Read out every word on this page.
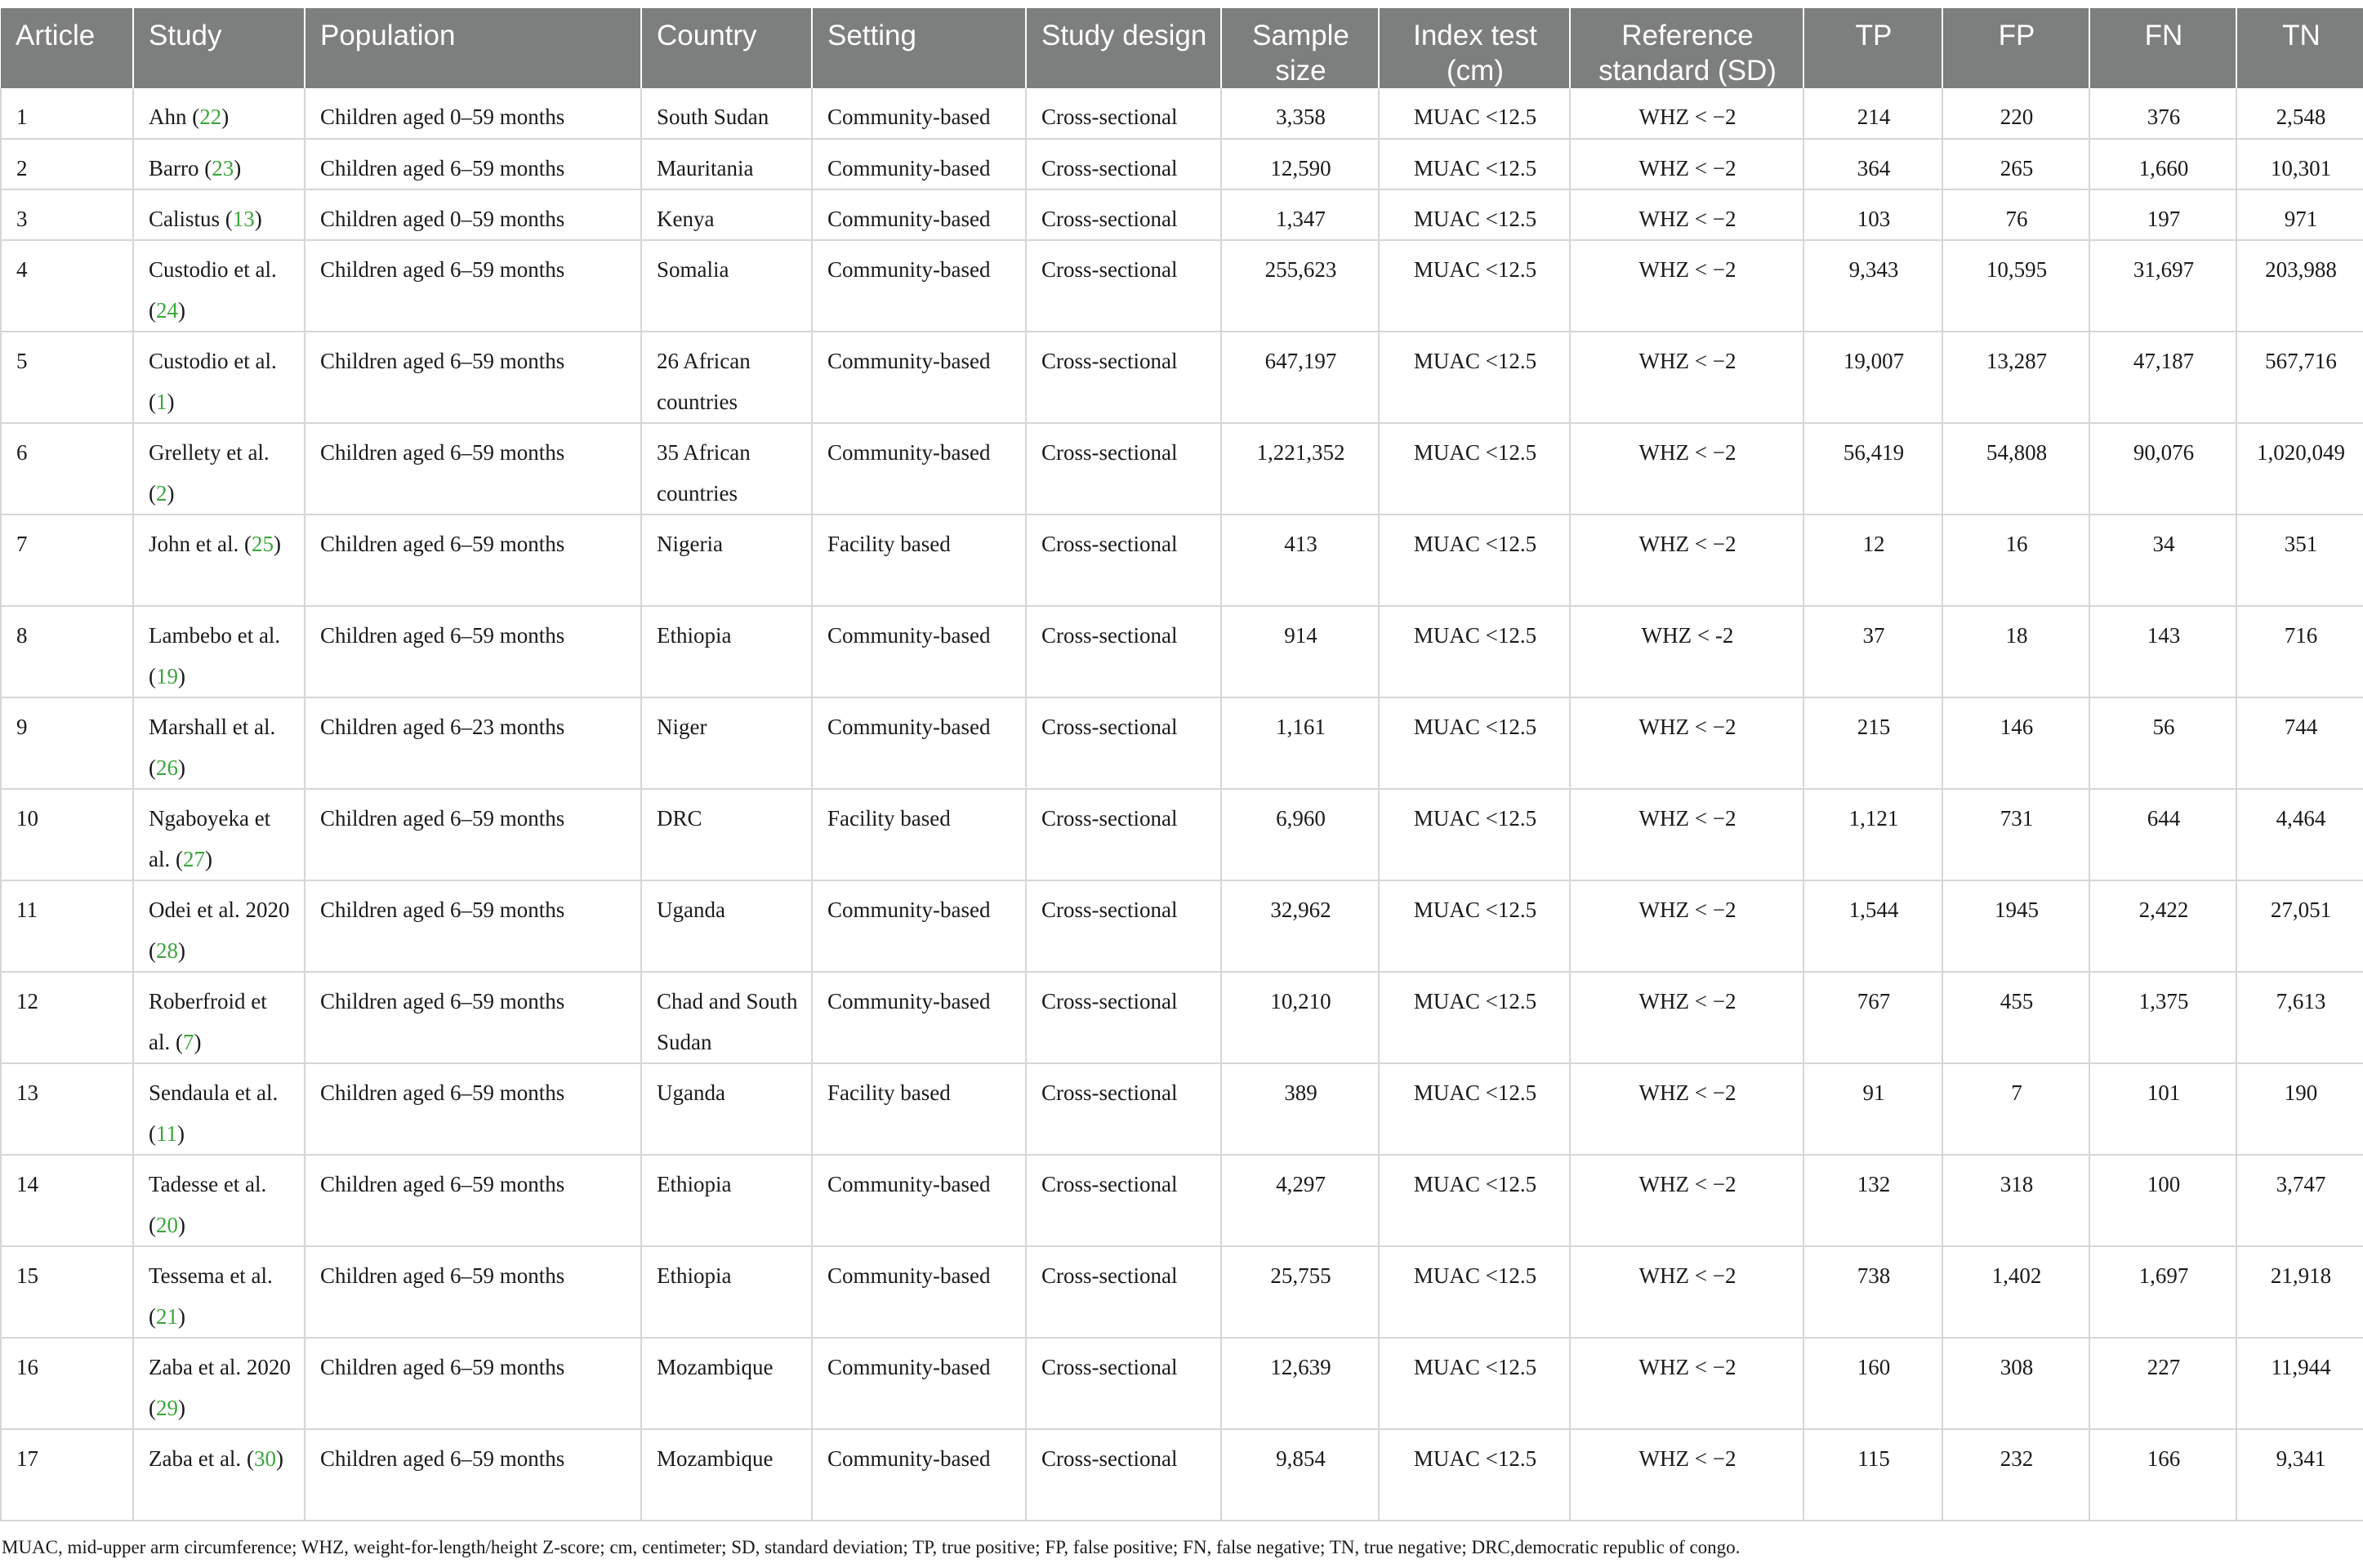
Article	Study	Population	Country	Setting	Study design	Sample size	Index test (cm)	Reference standard (SD)	TP	FP	FN	TN
1	Ahn (22)	Children aged 0–59 months	South Sudan	Community-based	Cross-sectional	3,358	MUAC <12.5	WHZ < −2	214	220	376	2,548
2	Barro (23)	Children aged 6–59 months	Mauritania	Community-based	Cross-sectional	12,590	MUAC <12.5	WHZ < −2	364	265	1,660	10,301
3	Calistus (13)	Children aged 0–59 months	Kenya	Community-based	Cross-sectional	1,347	MUAC <12.5	WHZ < −2	103	76	197	971
4	Custodio et al. (24)	Children aged 6–59 months	Somalia	Community-based	Cross-sectional	255,623	MUAC <12.5	WHZ < −2	9,343	10,595	31,697	203,988
5	Custodio et al. (1)	Children aged 6–59 months	26 African countries	Community-based	Cross-sectional	647,197	MUAC <12.5	WHZ < −2	19,007	13,287	47,187	567,716
6	Grellety et al. (2)	Children aged 6–59 months	35 African countries	Community-based	Cross-sectional	1,221,352	MUAC <12.5	WHZ < −2	56,419	54,808	90,076	1,020,049
7	John et al. (25)	Children aged 6–59 months	Nigeria	Facility based	Cross-sectional	413	MUAC <12.5	WHZ < −2	12	16	34	351
8	Lambebo et al. (19)	Children aged 6–59 months	Ethiopia	Community-based	Cross-sectional	914	MUAC <12.5	WHZ < -2	37	18	143	716
9	Marshall et al. (26)	Children aged 6–23 months	Niger	Community-based	Cross-sectional	1,161	MUAC <12.5	WHZ < −2	215	146	56	744
10	Ngaboyeka et al. (27)	Children aged 6–59 months	DRC	Facility based	Cross-sectional	6,960	MUAC <12.5	WHZ < −2	1,121	731	644	4,464
11	Odei et al. 2020 (28)	Children aged 6–59 months	Uganda	Community-based	Cross-sectional	32,962	MUAC <12.5	WHZ < −2	1,544	1945	2,422	27,051
12	Roberfroid et al. (7)	Children aged 6–59 months	Chad and South Sudan	Community-based	Cross-sectional	10,210	MUAC <12.5	WHZ < −2	767	455	1,375	7,613
13	Sendaula et al. (11)	Children aged 6–59 months	Uganda	Facility based	Cross-sectional	389	MUAC <12.5	WHZ < −2	91	7	101	190
14	Tadesse et al. (20)	Children aged 6–59 months	Ethiopia	Community-based	Cross-sectional	4,297	MUAC <12.5	WHZ < −2	132	318	100	3,747
15	Tessema et al. (21)	Children aged 6–59 months	Ethiopia	Community-based	Cross-sectional	25,755	MUAC <12.5	WHZ < −2	738	1,402	1,697	21,918
16	Zaba et al. 2020 (29)	Children aged 6–59 months	Mozambique	Community-based	Cross-sectional	12,639	MUAC <12.5	WHZ < −2	160	308	227	11,944
17	Zaba et al. (30)	Children aged 6–59 months	Mozambique	Community-based	Cross-sectional	9,854	MUAC <12.5	WHZ < −2	115	232	166	9,341
MUAC, mid-upper arm circumference; WHZ, weight-for-length/height Z-score; cm, centimeter; SD, standard deviation; TP, true positive; FP, false positive; FN, false negative; TN, true negative; DRC,democratic republic of congo.
